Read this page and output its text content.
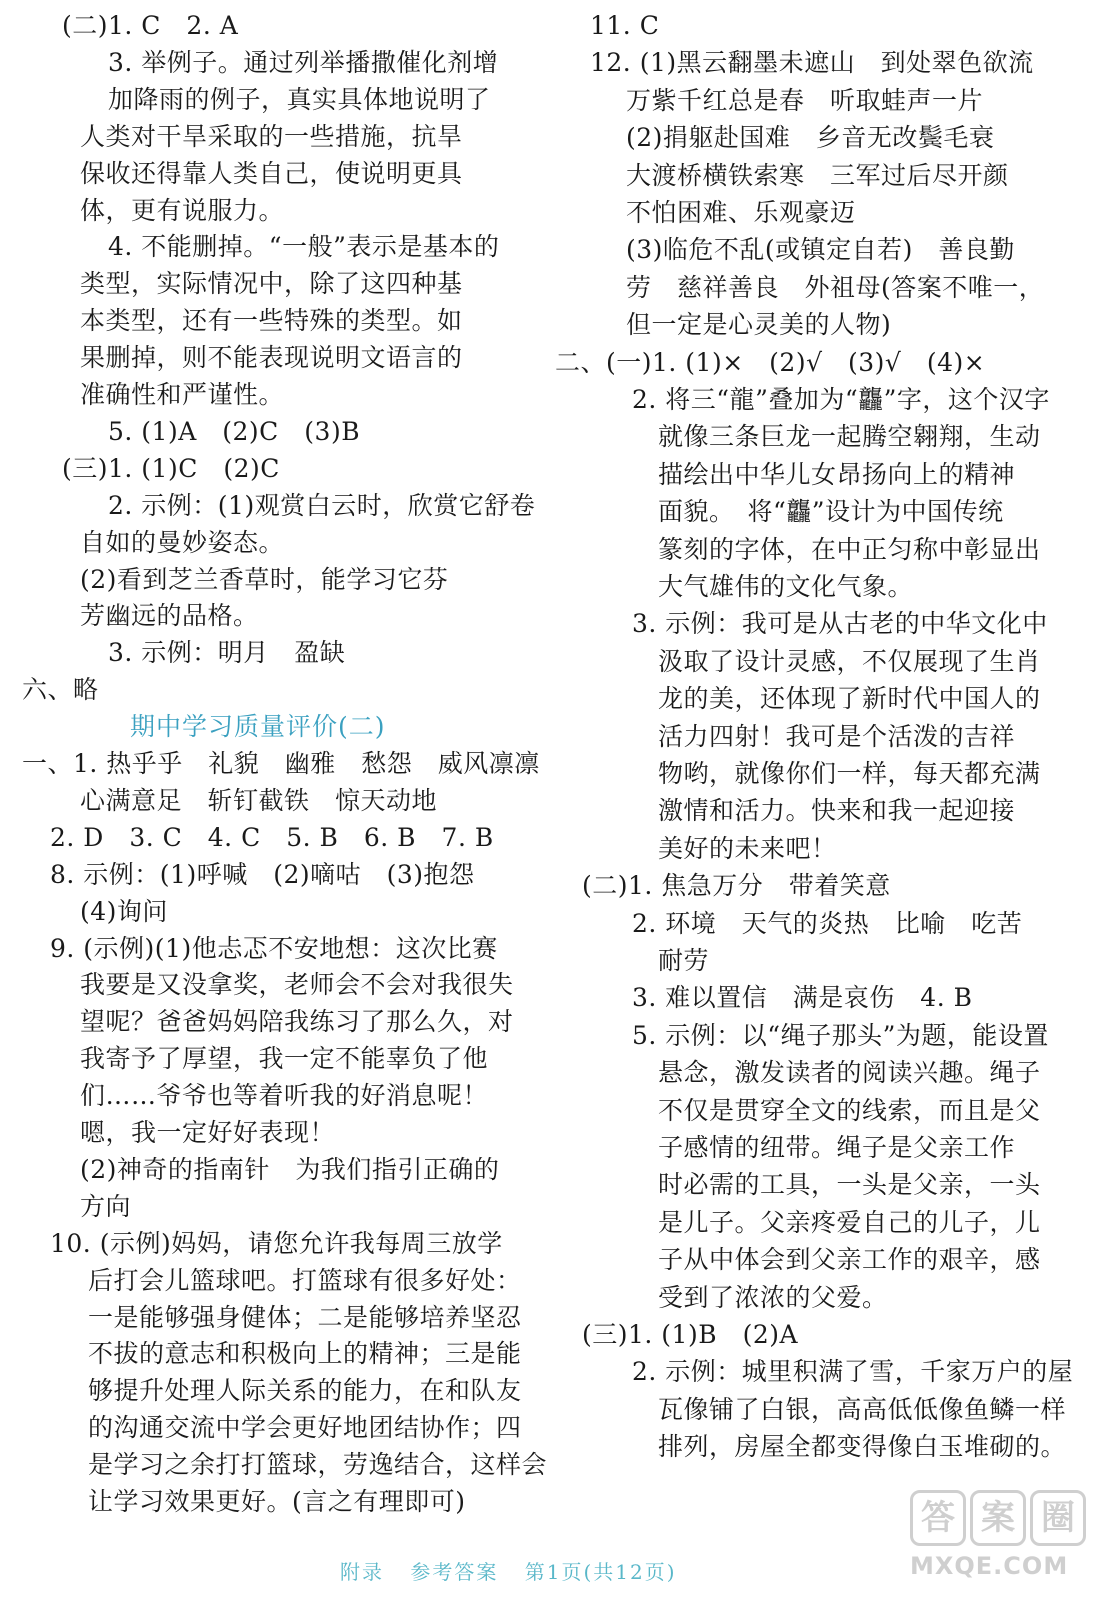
(二)1. C　2. A
3. 举例子。通过列举播撒催化剂增
加降雨的例子，真实具体地说明了
人类对干旱采取的一些措施，抗旱
保收还得靠人类自己，使说明更具
体，更有说服力。
4. 不能删掉。“一般”表示是基本的
类型，实际情况中，除了这四种基
本类型，还有一些特殊的类型。如
果删掉，则不能表现说明文语言的
准确性和严谨性。
5. (1)A　(2)C　(3)B
(三)1. (1)C　(2)C
2. 示例：(1)观赏白云时，欣赏它舒卷
自如的曼妙姿态。
(2)看到芝兰香草时，能学习它芬
芳幽远的品格。
3. 示例：明月　盈缺
六、略
期中学习质量评价(二)
一、1. 热乎乎　礼貌　幽雅　愁怨　威风凛凛
心满意足　斩钉截铁　惊天动地
2. D　3. C　4. C　5. B　6. B　7. B
8. 示例：(1)呼喊　(2)嘀咕　(3)抱怨
(4)询问
9. (示例)(1)他忐忑不安地想：这次比赛
我要是又没拿奖，老师会不会对我很失
望呢？爸爸妈妈陪我练习了那么久，对
我寄予了厚望，我一定不能辜负了他
们……爷爷也等着听我的好消息呢！
嗯，我一定好好表现！
(2)神奇的指南针　为我们指引正确的
方向
10. (示例)妈妈，请您允许我每周三放学
后打会儿篮球吧。打篮球有很多好处：
一是能够强身健体；二是能够培养坚忍
不拔的意志和积极向上的精神；三是能
够提升处理人际关系的能力，在和队友
的沟通交流中学会更好地团结协作；四
是学习之余打打篮球，劳逸结合，这样会
让学习效果更好。(言之有理即可)
11. C
12. (1)黑云翻墨未遮山　到处翠色欲流
万紫千红总是春　听取蛙声一片
(2)捐躯赴国难　乡音无改鬓毛衰
大渡桥横铁索寒　三军过后尽开颜
不怕困难、乐观豪迈
(3)临危不乱(或镇定自若)　善良勤
劳　慈祥善良　外祖母(答案不唯一，
但一定是心灵美的人物)
二、(一)1. (1)×　(2)√　(3)√　(4)×
2. 将三“龍”叠加为“龘”字，这个汉字
就像三条巨龙一起腾空翱翔，生动
描绘出中华儿女昂扬向上的精神
面貌。　将“龘”设计为中国传统
篆刻的字体，在中正匀称中彰显出
大气雄伟的文化气象。
3. 示例：我可是从古老的中华文化中
汲取了设计灵感，不仅展现了生肖
龙的美，还体现了新时代中国人的
活力四射！我可是个活泼的吉祥
物哟，就像你们一样，每天都充满
激情和活力。快来和我一起迎接
美好的未来吧！
(二)1. 焦急万分　带着笑意
2. 环境　天气的炎热　比喻　吃苦
耐劳
3. 难以置信　满是哀伤　4. B
5. 示例：以“绳子那头”为题，能设置
悬念，激发读者的阅读兴趣。绳子
不仅是贯穿全文的线索，而且是父
子感情的纽带。绳子是父亲工作
时必需的工具，一头是父亲，一头
是儿子。父亲疼爱自己的儿子，儿
子从中体会到父亲工作的艰辛，感
受到了浓浓的父爱。
(三)1. (1)B　(2)A
2. 示例：城里积满了雪，千家万户的屋
瓦像铺了白银，高高低低像鱼鳞一样
排列，房屋全都变得像白玉堆砌的。
附录 参考答案 第1页(共12页)
答 案 圈
MXQE.COM
